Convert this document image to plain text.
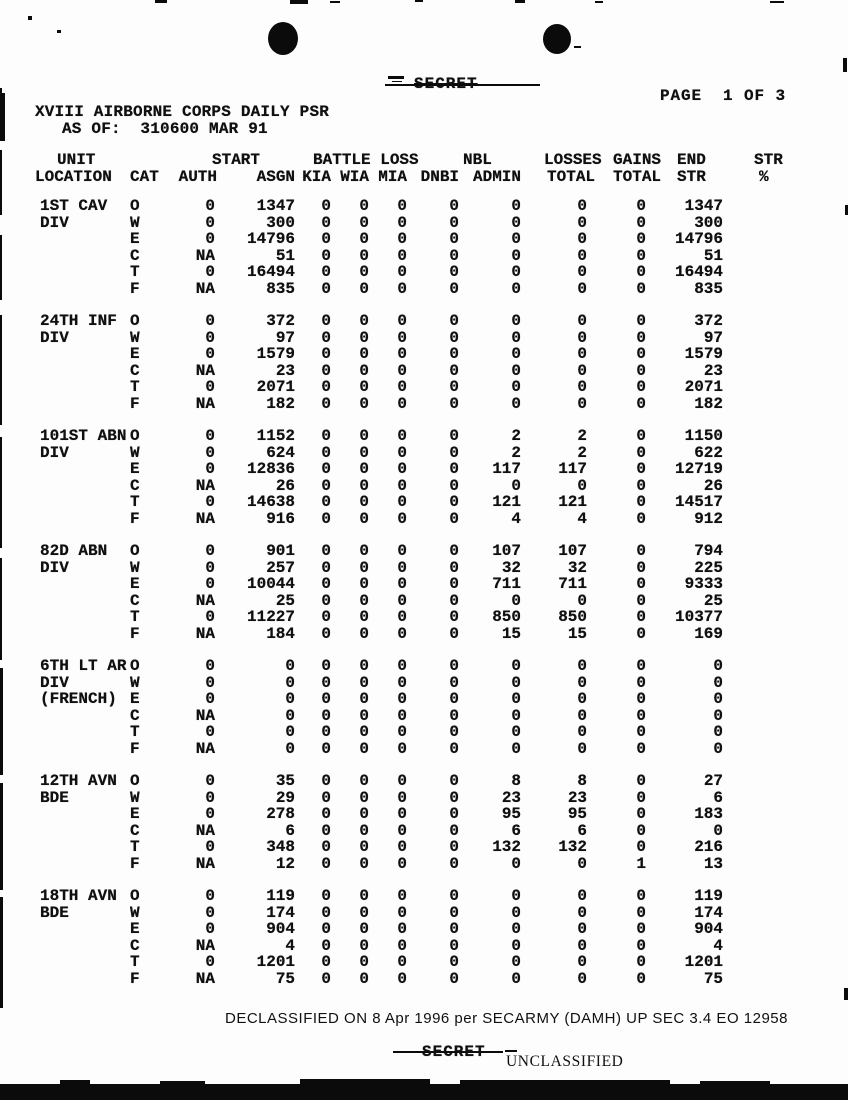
SECRET
PAGE  1 OF 3
XVIII AIRBORNE CORPS DAILY PSR
AS OF:  310600 MAR 91
UNIT		START		BATTLE LOSS			NBL		LOSSES	GAINS	END	STR
LOCATION	CAT	AUTH	ASGN	KIA	WIA	MIA	DNBI	ADMIN	TOTAL	TOTAL	STR	%

1ST CAV	O	0	1347	0	0	0	0	0	0	0	1347	
DIV	W	0	300	0	0	0	0	0	0	0	300	
	E	0	14796	0	0	0	0	0	0	0	14796	
	C	NA	51	0	0	0	0	0	0	0	51	
	T	0	16494	0	0	0	0	0	0	0	16494	
	F	NA	835	0	0	0	0	0	0	0	835	

24TH INF	O	0	372	0	0	0	0	0	0	0	372	
DIV	W	0	97	0	0	0	0	0	0	0	97	
	E	0	1579	0	0	0	0	0	0	0	1579	
	C	NA	23	0	0	0	0	0	0	0	23	
	T	0	2071	0	0	0	0	0	0	0	2071	
	F	NA	182	0	0	0	0	0	0	0	182	

101ST ABN	O	0	1152	0	0	0	0	2	2	0	1150	
DIV	W	0	624	0	0	0	0	2	2	0	622	
	E	0	12836	0	0	0	0	117	117	0	12719	
	C	NA	26	0	0	0	0	0	0	0	26	
	T	0	14638	0	0	0	0	121	121	0	14517	
	F	NA	916	0	0	0	0	4	4	0	912	

82D ABN	O	0	901	0	0	0	0	107	107	0	794	
DIV	W	0	257	0	0	0	0	32	32	0	225	
	E	0	10044	0	0	0	0	711	711	0	9333	
	C	NA	25	0	0	0	0	0	0	0	25	
	T	0	11227	0	0	0	0	850	850	0	10377	
	F	NA	184	0	0	0	0	15	15	0	169	

6TH LT AR	O	0	0	0	0	0	0	0	0	0	0	
DIV	W	0	0	0	0	0	0	0	0	0	0	
(FRENCH)	E	0	0	0	0	0	0	0	0	0	0	
	C	NA	0	0	0	0	0	0	0	0	0	
	T	0	0	0	0	0	0	0	0	0	0	
	F	NA	0	0	0	0	0	0	0	0	0	

12TH AVN	O	0	35	0	0	0	0	8	8	0	27	
BDE	W	0	29	0	0	0	0	23	23	0	6	
	E	0	278	0	0	0	0	95	95	0	183	
	C	NA	6	0	0	0	0	6	6	0	0	
	T	0	348	0	0	0	0	132	132	0	216	
	F	NA	12	0	0	0	0	0	0	1	13	

18TH AVN	O	0	119	0	0	0	0	0	0	0	119	
BDE	W	0	174	0	0	0	0	0	0	0	174	
	E	0	904	0	0	0	0	0	0	0	904	
	C	NA	4	0	0	0	0	0	0	0	4	
	T	0	1201	0	0	0	0	0	0	0	1201	
	F	NA	75	0	0	0	0	0	0	0	75	
DECLASSIFIED ON 8 Apr 1996 per SECARMY (DAMH) UP SEC 3.4 EO 12958
SECRET
UNCLASSIFIED
